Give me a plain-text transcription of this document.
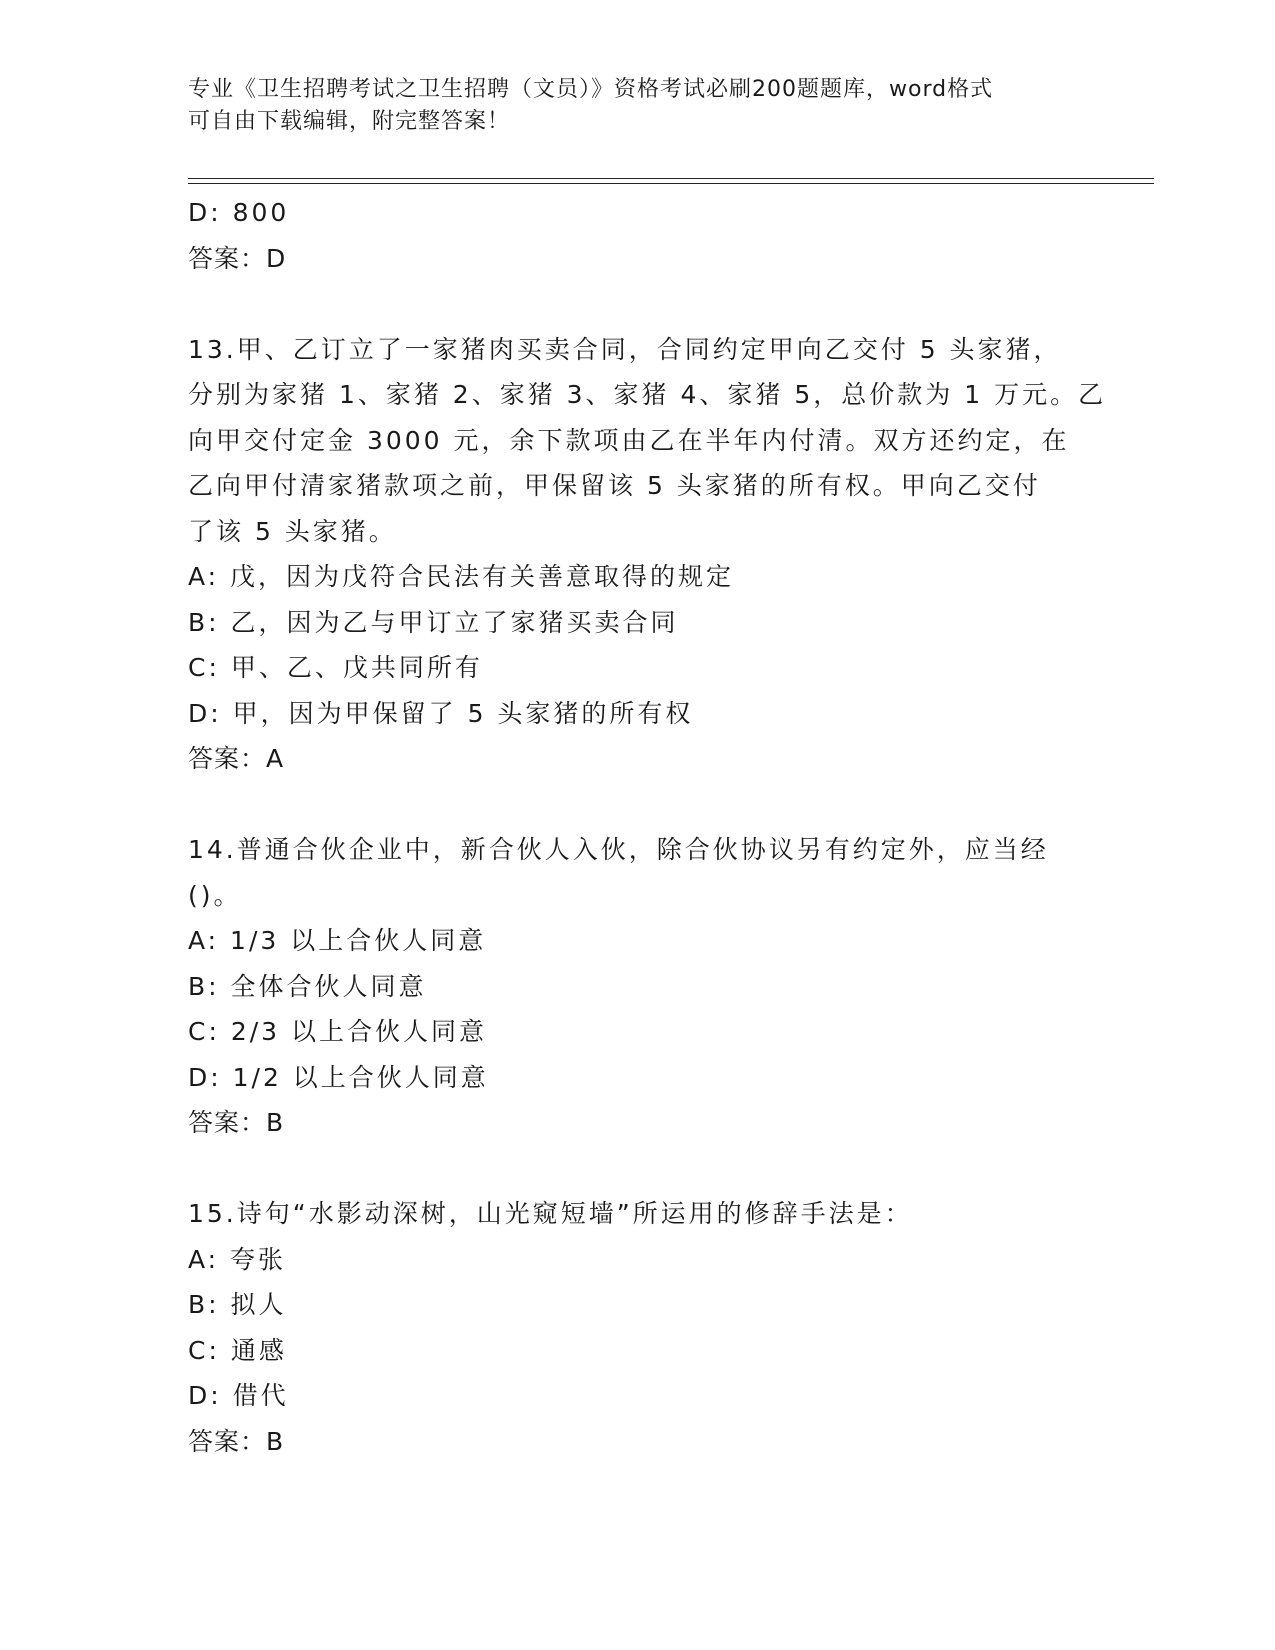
专业《卫生招聘考试之卫生招聘（文员）》资格考试必刷200题题库，word格式
可自由下载编辑，附完整答案！
D: 800
答案：D
13.甲、乙订立了一家猪肉买卖合同，合同约定甲向乙交付 5 头家猪，
分别为家猪 1、家猪 2、家猪 3、家猪 4、家猪 5，总价款为 1 万元。乙
向甲交付定金 3000 元，余下款项由乙在半年内付清。双方还约定，在
乙向甲付清家猪款项之前，甲保留该 5 头家猪的所有权。甲向乙交付
了该 5 头家猪。
A: 戊，因为戊符合民法有关善意取得的规定
B: 乙，因为乙与甲订立了家猪买卖合同
C: 甲、乙、戊共同所有
D: 甲，因为甲保留了 5 头家猪的所有权
答案：A
14.普通合伙企业中，新合伙人入伙，除合伙协议另有约定外，应当经
()。
A: 1/3 以上合伙人同意
B: 全体合伙人同意
C: 2/3 以上合伙人同意
D: 1/2 以上合伙人同意
答案：B
15.诗句“水影动深树，山光窥短墙”所运用的修辞手法是：
A: 夸张
B: 拟人
C: 通感
D: 借代
答案：B
